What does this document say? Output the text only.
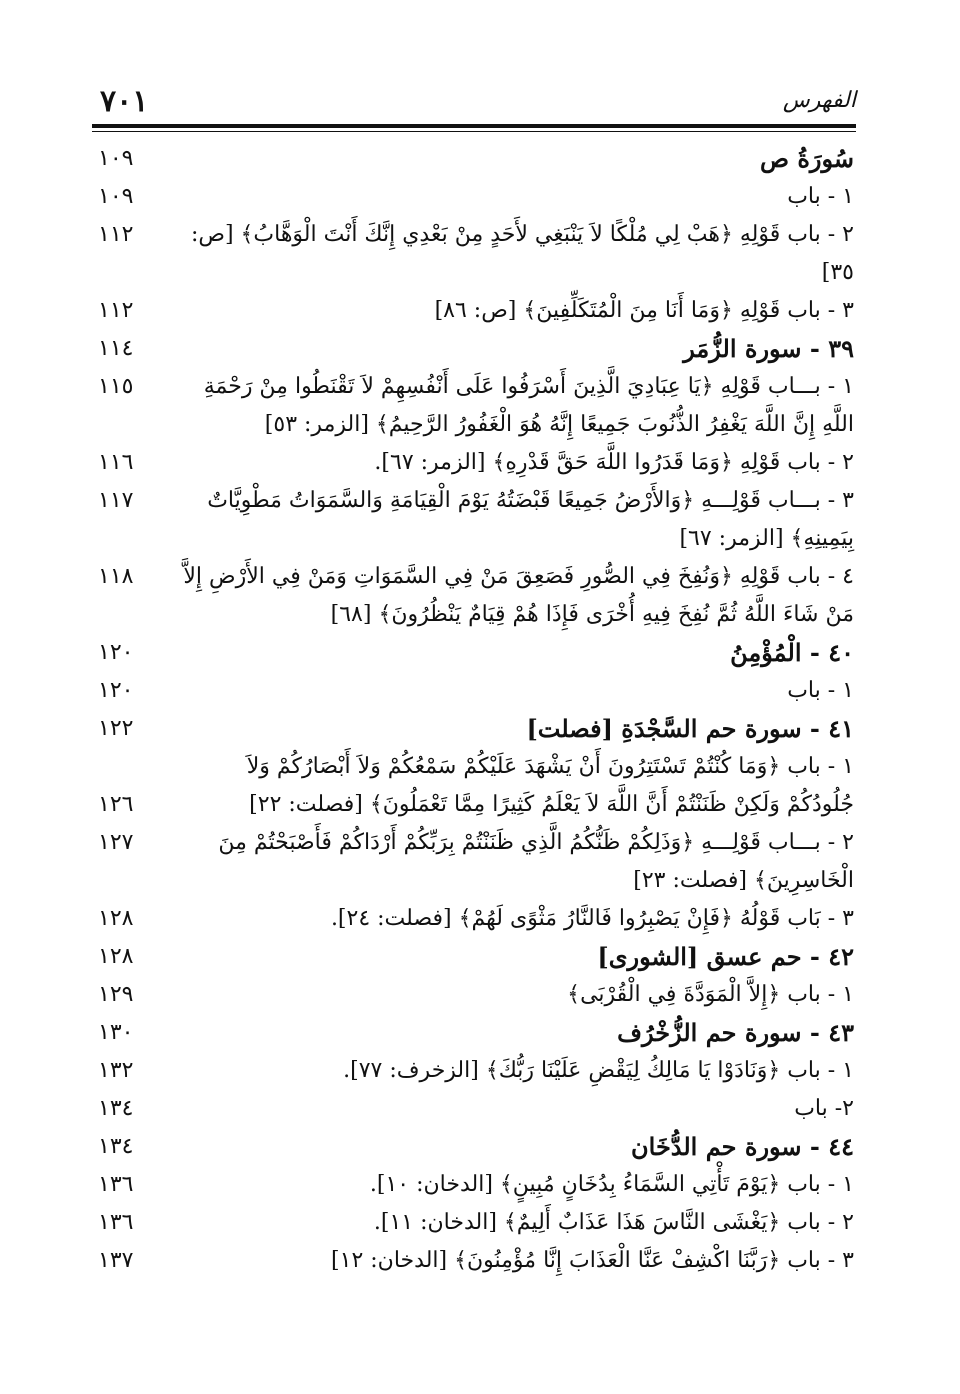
٧٠١	الفهرس
سُورَةُ ص
١٠٩
١ - باب
١٠٩
٢ - باب قَوْلِهِ ﴿هَبْ لِي مُلْكًا لاَ يَنْبَغِي لأَحَدٍ مِنْ بَعْدِي إِنَّكَ أَنْتَ الْوَهَّابُ﴾ [ص: ٣٥]
١١٢
٣ - باب قَوْلِهِ ﴿وَمَا أَنَا مِنَ الْمُتَكَلِّفِينَ﴾ [ص: ٨٦]
١١٢
٣٩ - سورة الزُّمَر
١١٤
١ - بـــاب قَوْلِهِ ﴿يَا عِبَادِيَ الَّذِينَ أَسْرَفُوا عَلَى أَنْفُسِهِمْ لاَ تَقْنَطُوا مِنْ رَحْمَةِ اللَّهِ إِنَّ اللَّهَ يَغْفِرُ الذُّنُوبَ جَمِيعًا إِنَّهُ هُوَ الْغَفُورُ الرَّحِيمُ﴾ [الزمر: ٥٣]
١١٥
٢ - باب قَوْلِهِ ﴿وَمَا قَدَرُوا اللَّهَ حَقَّ قَدْرِهِ﴾ [الزمر: ٦٧].
١١٦
٣ - بـــاب قَوْلِـــهِ ﴿وَالأَرْضُ جَمِيعًا قَبْضَتُهُ يَوْمَ الْقِيَامَةِ وَالسَّمَوَاتُ مَطْوِيَّاتٌ بِيَمِينِهِ﴾ [الزمر: ٦٧]
١١٧
٤ - باب قَوْلِهِ ﴿وَنُفِخَ فِي الصُّورِ فَصَعِقَ مَنْ فِي السَّمَوَاتِ وَمَنْ فِي الأَرْضِ إِلاَّ مَنْ شَاءَ اللَّهُ ثُمَّ نُفِخَ فِيهِ أُخْرَى فَإِذَا هُمْ قِيَامٌ يَنْظُرُونَ﴾ [٦٨]
١١٨
٤٠ - الْمُؤْمِنُ
١٢٠
١ - باب
١٢٠
٤١ - سورة حم السَّجْدَةِ [فصلت]
١٢٢
١ - باب ﴿وَمَا كُنْتُمْ تَسْتَتِرُونَ أَنْ يَشْهَدَ عَلَيْكُمْ سَمْعُكُمْ وَلاَ أَبْصَارُكُمْ وَلاَ جُلُودُكُمْ وَلَكِنْ ظَنَنْتُمْ أَنَّ اللَّهَ لاَ يَعْلَمُ كَثِيرًا مِمَّا تَعْمَلُونَ﴾ [فصلت: ٢٢]
١٢٦
٢ - بـــاب قَوْلِـــهِ ﴿وَذَلِكُمْ ظَنُّكُمُ الَّذِي ظَنَنْتُمْ بِرَبِّكُمْ أَرْدَاكُمْ فَأَصْبَحْتُمْ مِنَ الْخَاسِرِينَ﴾ [فصلت: ٢٣]
١٢٧
٣ - بَاب قَوْلُهُ ﴿فَإِنْ يَصْبِرُوا فَالنَّارُ مَثْوًى لَهُمْ﴾ [فصلت: ٢٤].
١٢٨
٤٢ - حم عسق [الشورى]
١٢٨
١ - باب ﴿إِلاَّ الْمَوَدَّةَ فِي الْقُرْبَى﴾
١٢٩
٤٣ - سورة حم الزُّخْرُف
١٣٠
١ - باب ﴿وَنَادَوْا يَا مَالِكُ لِيَقْضِ عَلَيْنَا رَبُّكَ﴾ [الزخرف: ٧٧].
١٣٢
٢- باب
١٣٤
٤٤ - سورة حم الدُّخَان
١٣٤
١ - باب ﴿يَوْمَ تَأْتِي السَّمَاءُ بِدُخَانٍ مُبِينٍ﴾ [الدخان: ١٠].
١٣٦
٢ - باب ﴿يَغْشَى النَّاسَ هَذَا عَذَابٌ أَلِيمٌ﴾ [الدخان: ١١].
١٣٦
٣ - باب ﴿رَبَّنَا اكْشِفْ عَنَّا الْعَذَابَ إِنَّا مُؤْمِنُونَ﴾ [الدخان: ١٢]
١٣٧
